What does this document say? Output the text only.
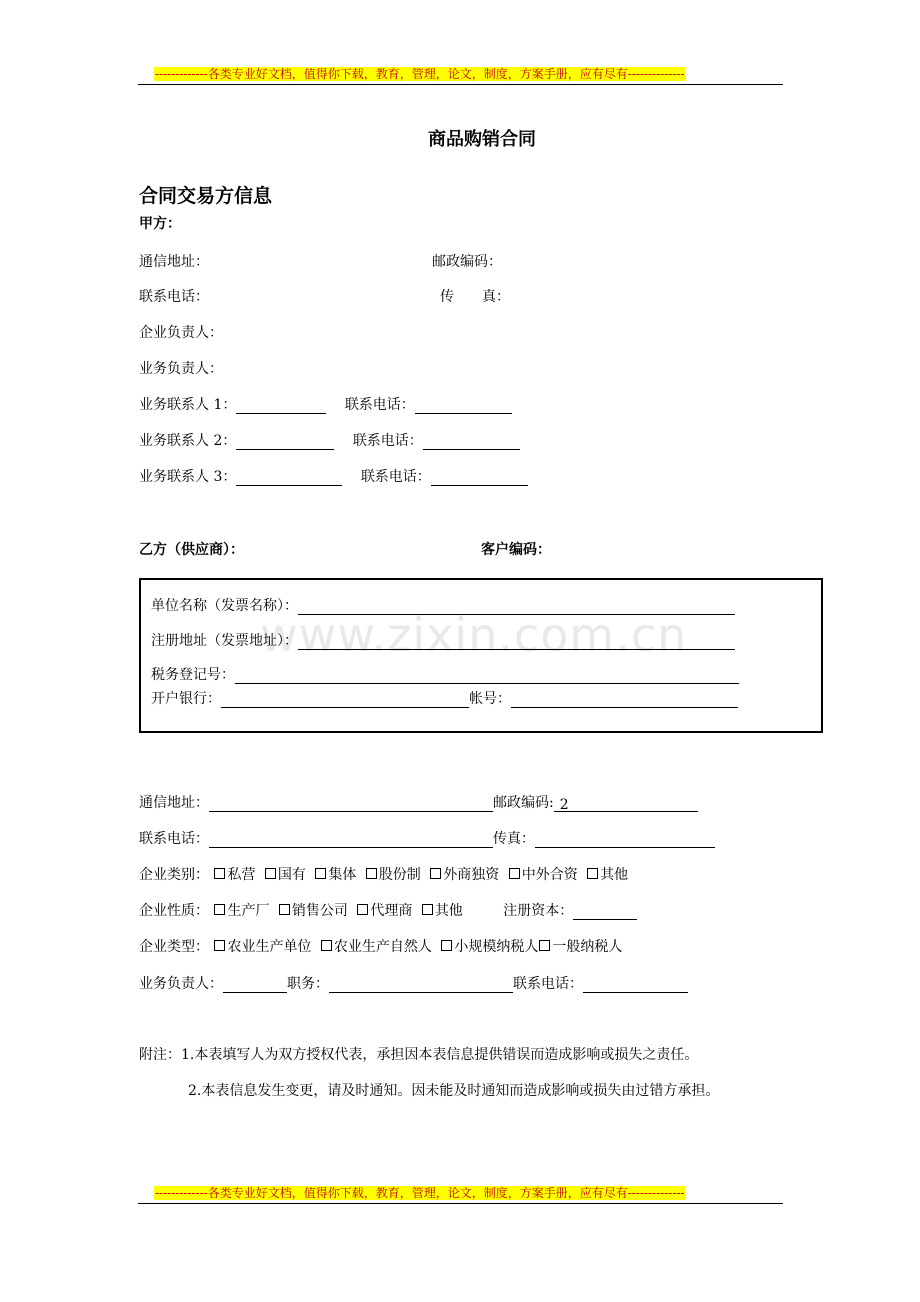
-------------各类专业好文档，值得你下载，教育，管理，论文，制度，方案手册，应有尽有--------------
商品购销合同
合同交易方信息
甲方：
通信地址：	邮政编码：
联系电话：	传　　真：
企业负责人：
业务负责人：
业务联系人 1：	联系电话：
业务联系人 2：	联系电话：
业务联系人 3：	联系电话：
乙方（供应商）：	客户编码：
www.zixin.com.cn
单位名称（发票名称）：
注册地址（发票地址）：
税务登记号：
开户银行：	帐号：
通信地址：	邮政编码: 2
联系电话：	传真：
企业类别： 私营 国有 集体 股份制 外商独资 中外合资 其他
企业性质： 生产厂 销售公司 代理商 其他	注册资本：
企业类型： 农业生产单位 农业生产自然人 小规模纳税人 一般纳税人
业务负责人：	职务：	联系电话：
附注：1.本表填写人为双方授权代表，承担因本表信息提供错误而造成影响或损失之责任。
2.本表信息发生变更，请及时通知。因未能及时通知而造成影响或损失由过错方承担。
-------------各类专业好文档，值得你下载，教育，管理，论文，制度，方案手册，应有尽有--------------
